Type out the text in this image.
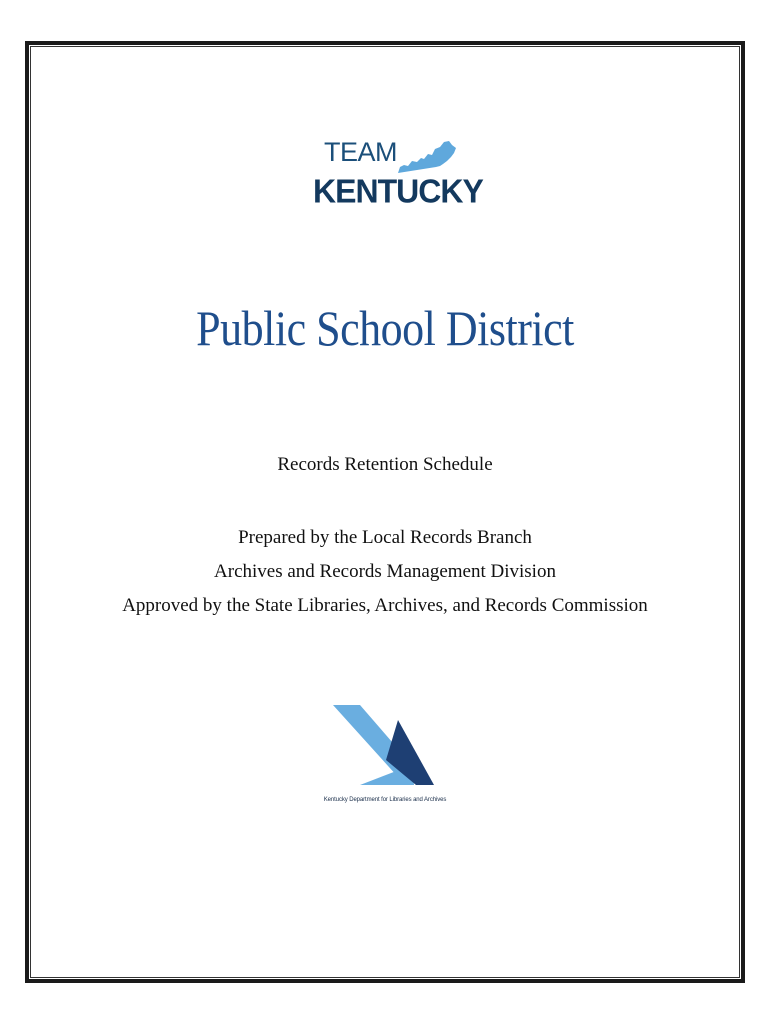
TEAM
KENTUCKY
Public School District
Records Retention Schedule
Prepared by the Local Records Branch
Archives and Records Management Division
Approved by the State Libraries, Archives, and Records Commission
Kentucky Department for Libraries and Archives
